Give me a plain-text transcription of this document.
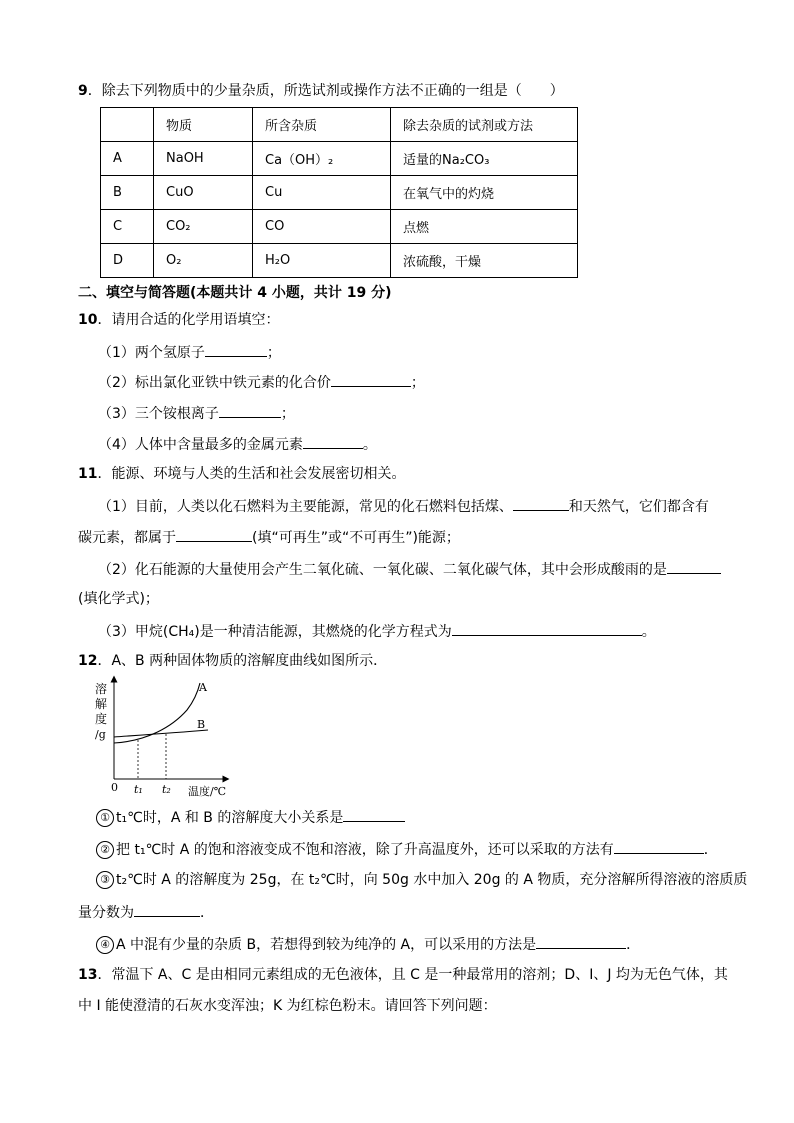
9．除去下列物质中的少量杂质，所选试剂或操作方法不正确的一组是（　　）
	物质	所含杂质	除去杂质的试剂或方法
A	NaOH	Ca（OH）₂	适量的Na₂CO₃
B	CuO	Cu	在氧气中的灼烧
C	CO₂	CO	点燃
D	O₂	H₂O	浓硫酸，干燥
二、填空与简答题(本题共计 4 小题，共计 19 分)
10．请用合适的化学用语填空：
（1）两个氢原子	；
（2）标出氯化亚铁中铁元素的化合价	；
（3）三个铵根离子	；
（4）人体中含量最多的金属元素	。
11．能源、环境与人类的生活和社会发展密切相关。
（1）目前，人类以化石燃料为主要能源，常见的化石燃料包括煤、	和天然气，它们都含有
碳元素，都属于	(填“可再生”或“不可再生”)能源；
（2）化石能源的大量使用会产生二氧化硫、一氧化碳、二氧化碳气体，其中会形成酸雨的是
(填化学式)；
（3）甲烷(CH₄)是一种清洁能源，其燃烧的化学方程式为	。
12．A、B 两种固体物质的溶解度曲线如图所示．
溶
解
度
/g
A
B
0 t₁ t₂ 温度/℃
① t₁℃时，A 和 B 的溶解度大小关系是
② 把 t₁℃时 A 的饱和溶液变成不饱和溶液，除了升高温度外，还可以采取的方法有	．
③ t₂℃时 A 的溶解度为 25g，在 t₂℃时，向 50g 水中加入 20g 的 A 物质，充分溶解所得溶液的溶质质
量分数为	．
④ A 中混有少量的杂质 B，若想得到较为纯净的 A，可以采用的方法是	．
13．常温下 A、C 是由相同元素组成的无色液体，且 C 是一种最常用的溶剂；D、I、J 均为无色气体，其
中 I 能使澄清的石灰水变浑浊；K 为红棕色粉末。请回答下列问题：
